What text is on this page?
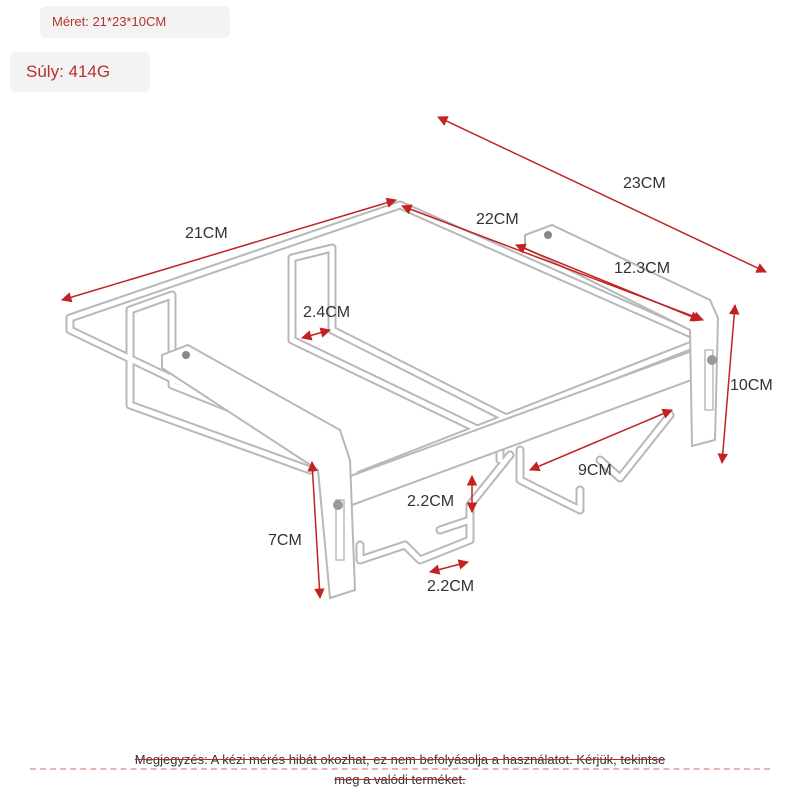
Méret: 21*23*10CM
Súly: 414G
23CM
21CM
22CM
12.3CM
2.4CM
10CM
9CM
2.2CM
2.2CM
7CM
Megjegyzés: A kézi mérés hibát okozhat, ez nem befolyásolja a használatot. Kérjük, tekintse
meg a valódi terméket.
